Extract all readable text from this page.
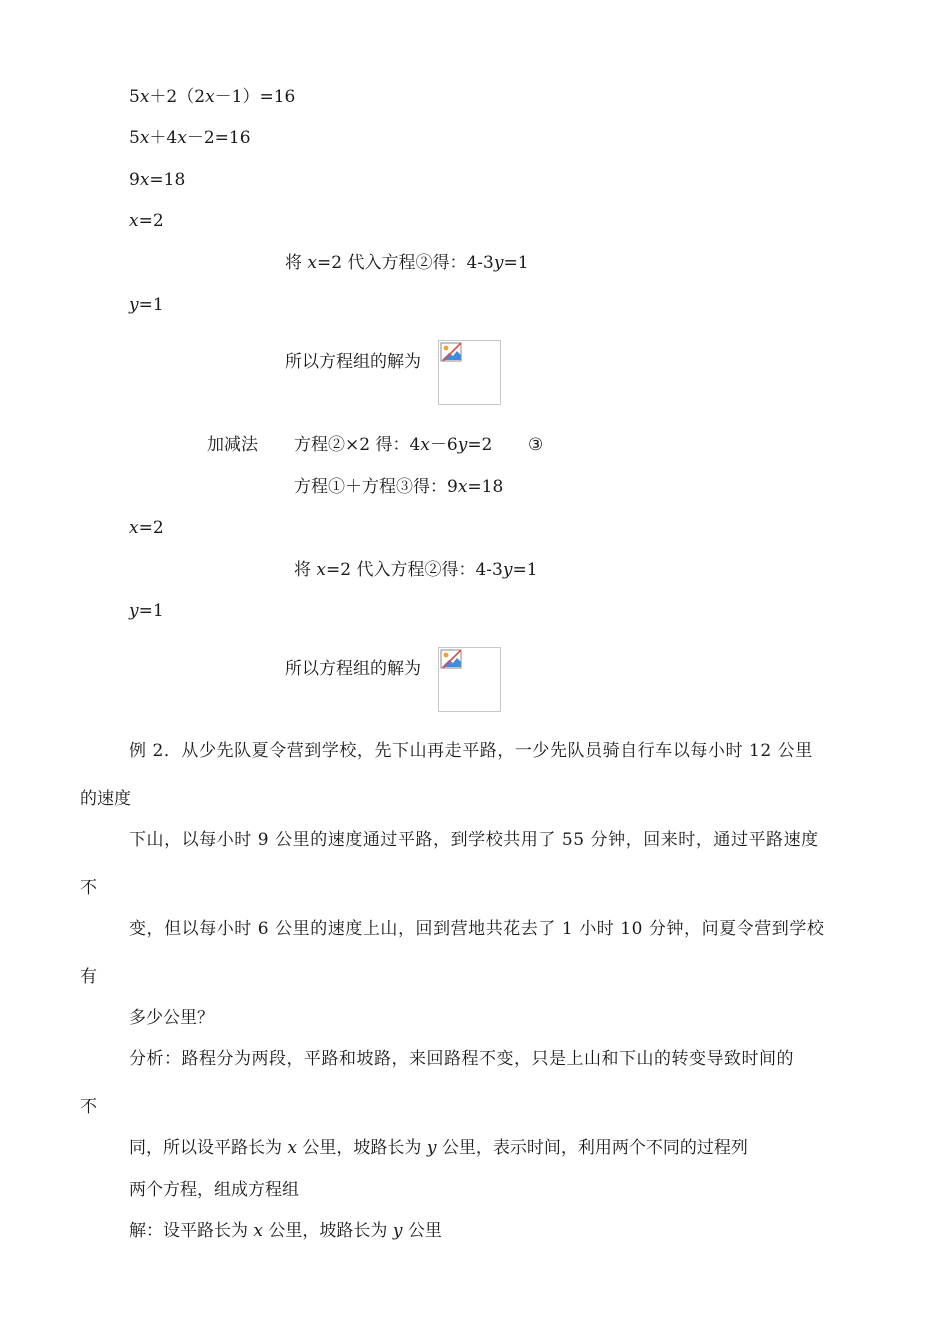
5x＋2（2x－1）=16
5x＋4x－2=16
9x=18
x=2
将 x=2 代入方程②得：4-3y=1
y=1
所以方程组的解为
加减法 方程②×2 得：4x－6y=2 ③
方程①＋方程③得：9x=18
x=2
将 x=2 代入方程②得：4-3y=1
y=1
所以方程组的解为
例 2．从少先队夏令营到学校，先下山再走平路，一少先队员骑自行车以每小时 12 公里
的速度
下山，以每小时 9 公里的速度通过平路，到学校共用了 55 分钟，回来时，通过平路速度
不
变，但以每小时 6 公里的速度上山，回到营地共花去了 1 小时 10 分钟，问夏令营到学校
有
多少公里？
分析：路程分为两段，平路和坡路，来回路程不变，只是上山和下山的转变导致时间的
不
同，所以设平路长为 x 公里，坡路长为 y 公里，表示时间，利用两个不同的过程列
两个方程，组成方程组
解：设平路长为 x 公里，坡路长为 y 公里
